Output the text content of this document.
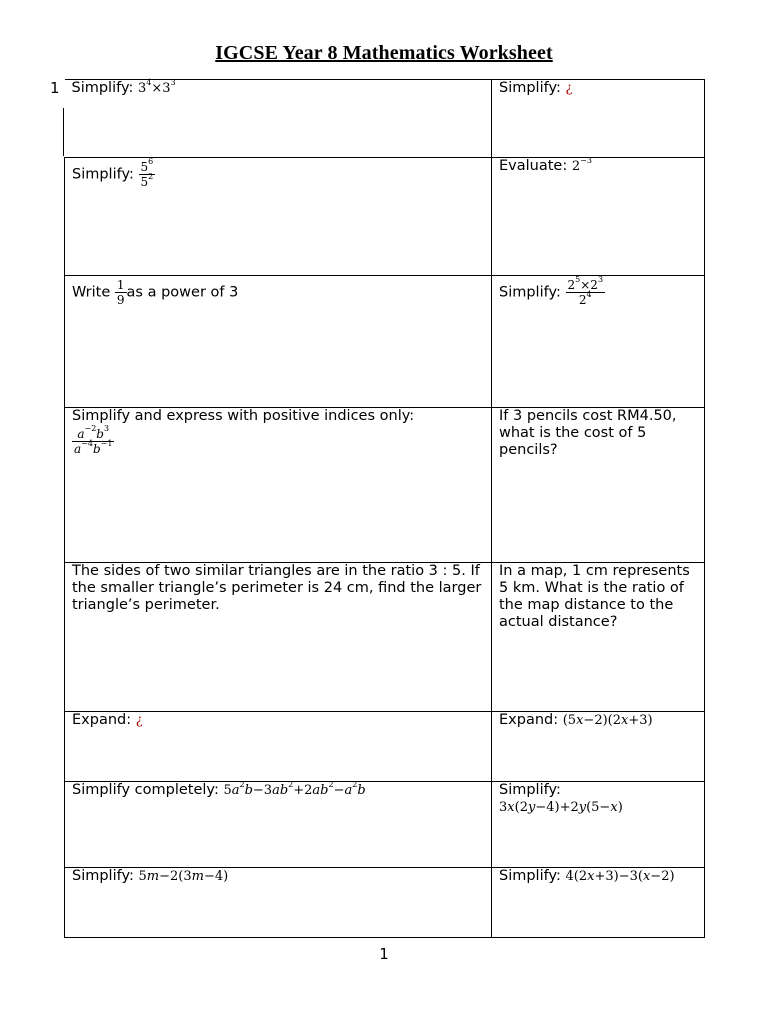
IGCSE Year 8 Mathematics Worksheet
1 Simplify: $3^4\times 3^3$	Simplify: ¿
Simplify: $\frac{5^6}{5^2}$	Evaluate: $2^{-3}$
Write $\frac{1}{9}$ as a power of 3	Simplify: $\frac{2^5\times 2^3}{2^4}$

Simplify and express with positive indices only:
$\frac{a^{-2}b^3}{a^{-4}b^{-1}}$	If 3 pencils cost RM4.50, what is the cost of 5 pencils?
The sides of two similar triangles are in the ratio 3 : 5. If the smaller triangle’s perimeter is 24 cm, find the larger triangle’s perimeter.	In a map, 1 cm represents 5 km. What is the ratio of the map distance to the actual distance?
Expand: ¿	Expand: (5x−2)(2x+3)
Simplify completely: $5a^2b-3ab^2+2ab^2-a^2b$	Simplify:
3x(2y−4)+2y(5−x)
Simplify: 5m−2(3m−4)	Simplify: 4(2x+3)−3(x−2)
1
